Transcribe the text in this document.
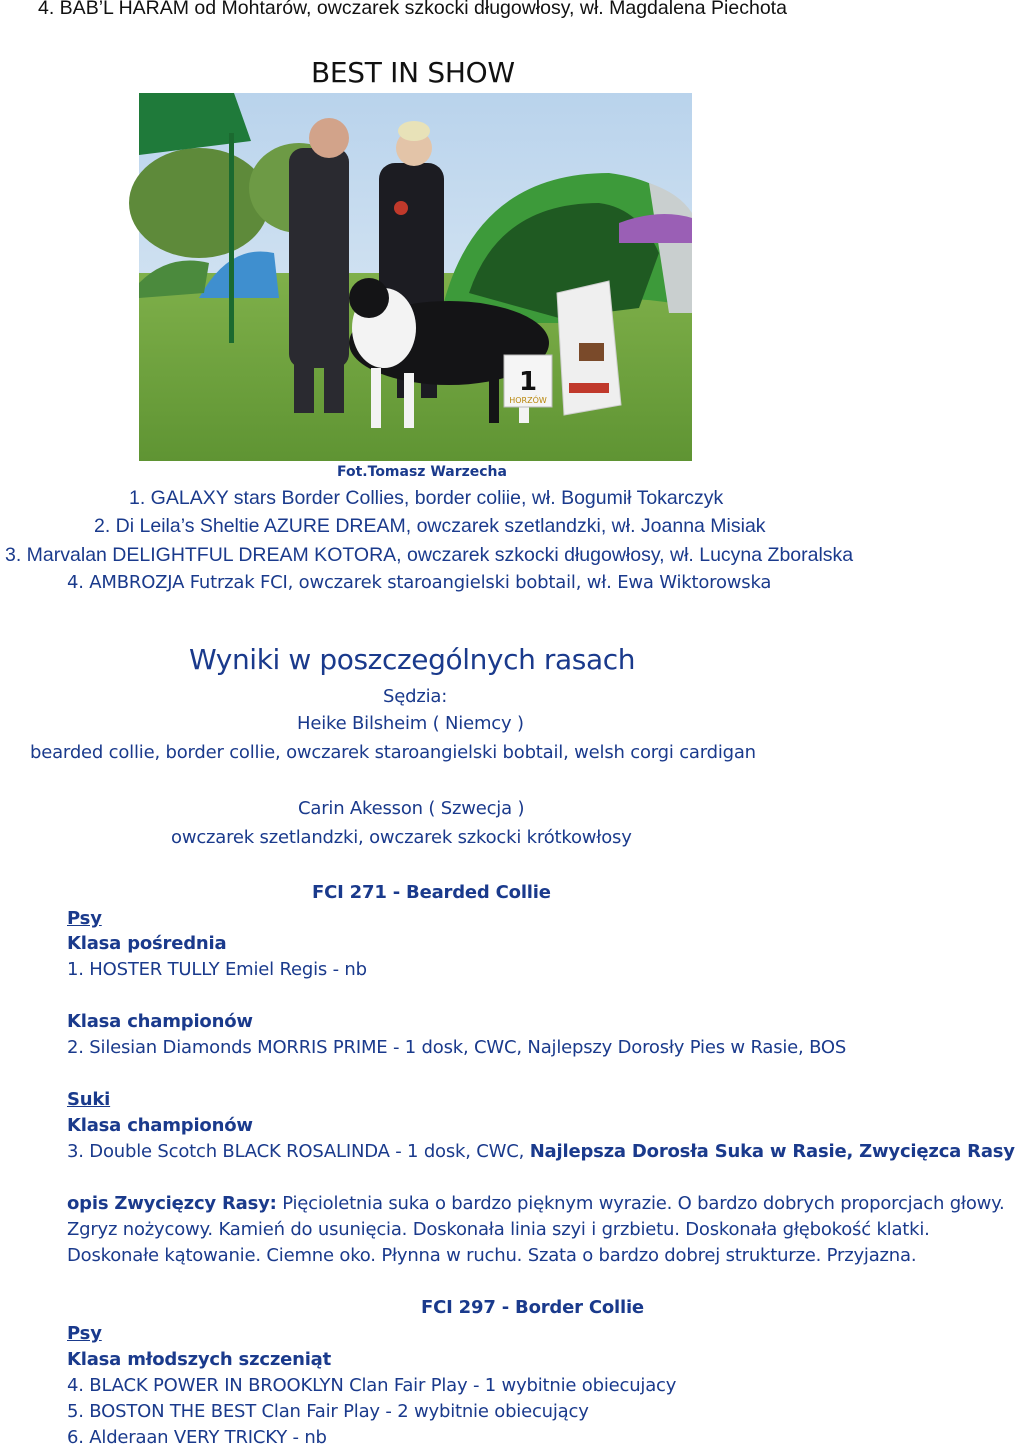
4. BAB’L HARAM od Mohtarów, owczarek szkocki długowłosy, wł. Magdalena Piechota
BEST IN SHOW
1
HORZÓW
Fot.Tomasz Warzecha
1. GALAXY stars Border Collies, border coliie, wł. Bogumił Tokarczyk
2. Di Leila’s Sheltie AZURE DREAM, owczarek szetlandzki, wł. Joanna Misiak
3. Marvalan DELIGHTFUL DREAM KOTORA, owczarek szkocki długowłosy, wł. Lucyna Zboralska
4. AMBROZJA Futrzak FCI, owczarek staroangielski bobtail, wł. Ewa Wiktorowska
Wyniki w poszczególnych rasach
Sędzia:
Heike Bilsheim ( Niemcy )
bearded collie, border collie, owczarek staroangielski bobtail, welsh corgi cardigan
Carin Akesson ( Szwecja )
owczarek szetlandzki, owczarek szkocki krótkowłosy
FCI 271 - Bearded Collie
Psy
Klasa pośrednia
1. HOSTER TULLY Emiel Regis - nb
Klasa championów
2. Silesian Diamonds MORRIS PRIME - 1 dosk, CWC, Najlepszy Dorosły Pies w Rasie, BOS
Suki
Klasa championów
3. Double Scotch BLACK ROSALINDA - 1 dosk, CWC, Najlepsza Dorosła Suka w Rasie, Zwycięzca Rasy
opis Zwycięzcy Rasy: Pięcioletnia suka o bardzo pięknym wyrazie. O bardzo dobrych proporcjach głowy.
Zgryz nożycowy. Kamień do usunięcia. Doskonała linia szyi i grzbietu. Doskonała głębokość klatki.
Doskonałe kątowanie. Ciemne oko. Płynna w ruchu. Szata o bardzo dobrej strukturze. Przyjazna.
FCI 297 - Border Collie
Psy
Klasa młodszych szczeniąt
4. BLACK POWER IN BROOKLYN Clan Fair Play - 1 wybitnie obiecujacy
5. BOSTON THE BEST Clan Fair Play - 2 wybitnie obiecujący
6. Alderaan VERY TRICKY - nb
